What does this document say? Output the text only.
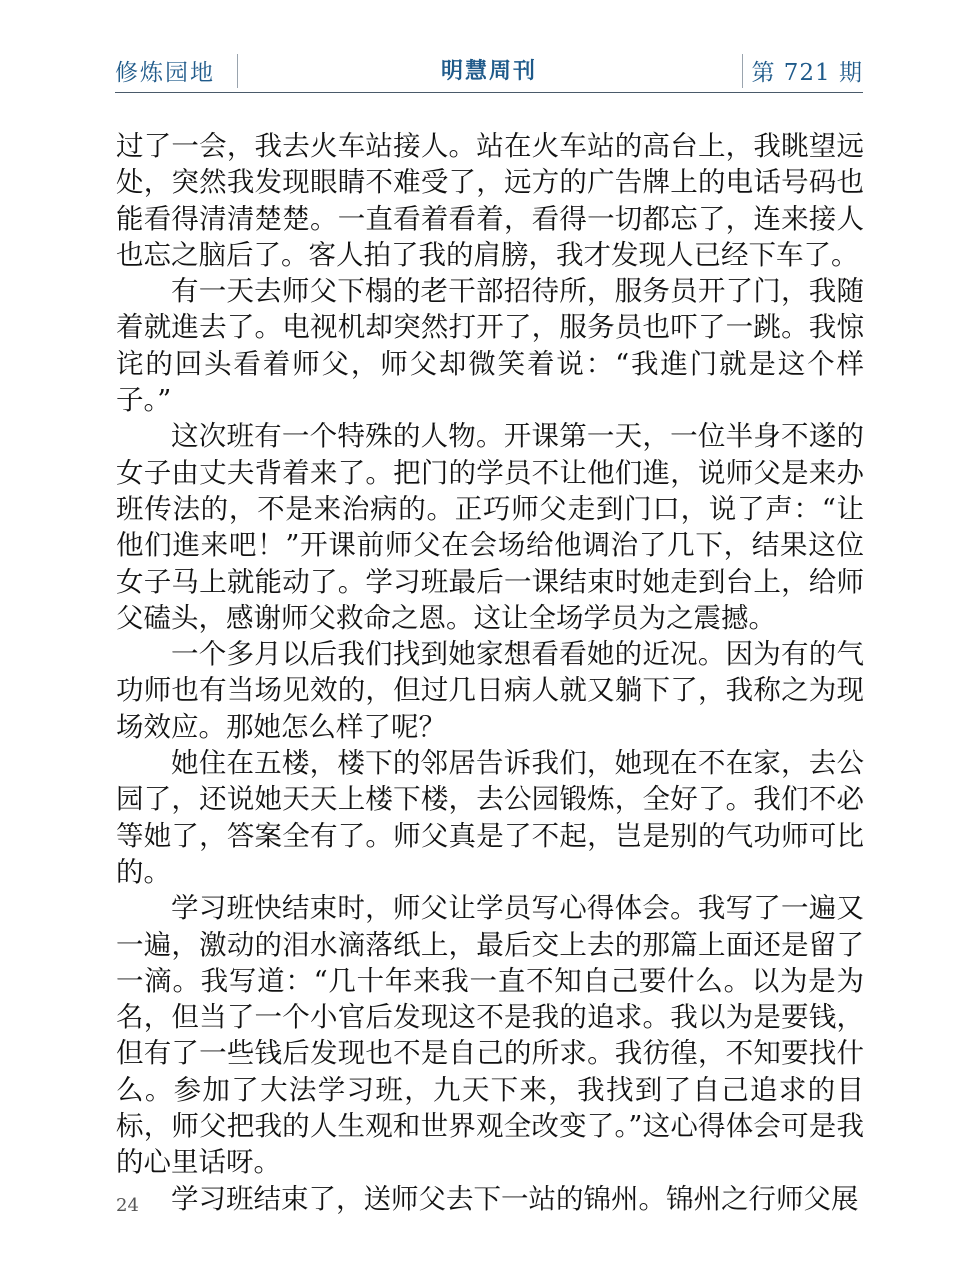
修炼园地	明慧周刊	第 721 期

过了一会，我去火车站接人。站在火车站的高台上，我眺望远处，突然我发现眼睛不难受了，远方的广告牌上的电话号码也能看得清清楚楚。一直看着看着，看得一切都忘了，连来接人也忘之脑后了。客人拍了我的肩膀，我才发现人已经下车了。

有一天去师父下榻的老干部招待所，服务员开了门，我随着就進去了。电视机却突然打开了，服务员也吓了一跳。我惊诧的回头看着师父，师父却微笑着说：“我進门就是这个样子。”

这次班有一个特殊的人物。开课第一天，一位半身不遂的女子由丈夫背着来了。把门的学员不让他们進，说师父是来办班传法的，不是来治病的。正巧师父走到门口，说了声：“让他们進来吧！”开课前师父在会场给他调治了几下，结果这位女子马上就能动了。学习班最后一课结束时她走到台上，给师父磕头，感谢师父救命之恩。这让全场学员为之震撼。

一个多月以后我们找到她家想看看她的近况。因为有的气功师也有当场见效的，但过几日病人就又躺下了，我称之为现场效应。那她怎么样了呢？

她住在五楼，楼下的邻居告诉我们，她现在不在家，去公园了，还说她天天上楼下楼，去公园锻炼，全好了。我们不必等她了，答案全有了。师父真是了不起，岂是别的气功师可比的。

学习班快结束时，师父让学员写心得体会。我写了一遍又一遍，激动的泪水滴落纸上，最后交上去的那篇上面还是留了一滴。我写道：“几十年来我一直不知自己要什么。以为是为名，但当了一个小官后发现这不是我的追求。我以为是要钱，但有了一些钱后发现也不是自己的所求。我彷徨，不知要找什么。参加了大法学习班，九天下来，我找到了自己追求的目标，师父把我的人生观和世界观全改变了。”这心得体会可是我的心里话呀。

学习班结束了，送师父去下一站的锦州。锦州之行师父展

24
